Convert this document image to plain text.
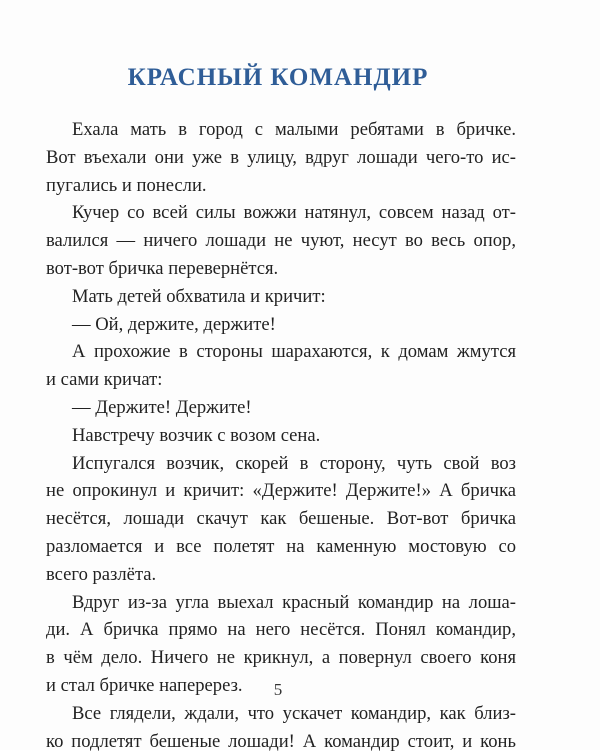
КРАСНЫЙ КОМАНДИР
Ехала мать в город с малыми ребятами в бричке.
Вот въехали они уже в улицу, вдруг лошади чего-то ис-
пугались и понесли.
Кучер со всей силы вожжи натянул, совсем назад от-
валился — ничего лошади не чуют, несут во весь опор,
вот-вот бричка перевернётся.
Мать детей обхватила и кричит:
— Ой, держите, держите!
А прохожие в стороны шарахаются, к домам жмутся
и сами кричат:
— Держите! Держите!
Навстречу возчик с возом сена.
Испугался возчик, скорей в сторону, чуть свой воз
не опрокинул и кричит: «Держите! Держите!» А бричка
несётся, лошади скачут как бешеные. Вот-вот бричка
разломается и все полетят на каменную мостовую со
всего разлёта.
Вдруг из-за угла выехал красный командир на лоша-
ди. А бричка прямо на него несётся. Понял командир,
в чём дело. Ничего не крикнул, а повернул своего коня
и стал бричке наперерез.
Все глядели, ждали, что ускачет командир, как близ-
ко подлетят бешеные лошади! А командир стоит, и конь
5
